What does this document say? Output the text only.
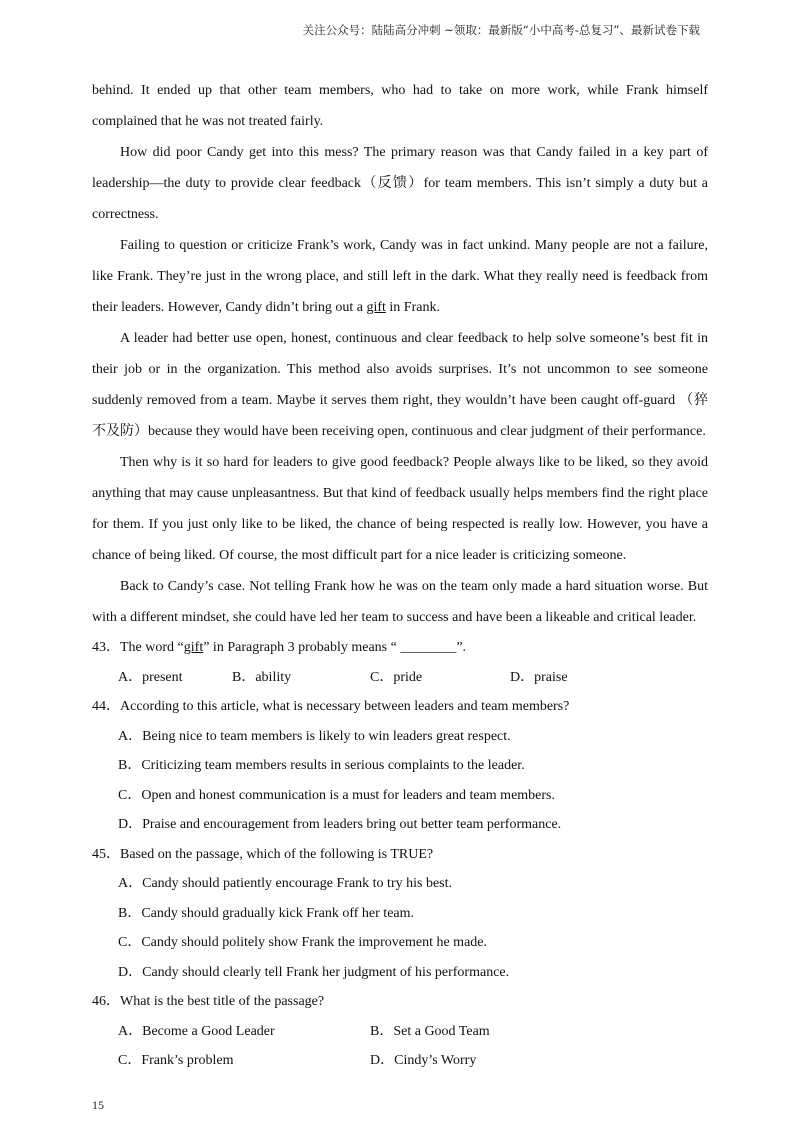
关注公众号：陆陆高分冲刺 ~领取：最新版“小中高考-总复习”、最新试卷下载

behind. It ended up that other team members, who had to take on more work, while Frank himself complained that he was not treated fairly.

How did poor Candy get into this mess? The primary reason was that Candy failed in a key part of leadership—the duty to provide clear feedback（反馈）for team members. This isn’t simply a duty but a correctness.

Failing to question or criticize Frank’s work, Candy was in fact unkind. Many people are not a failure, like Frank. They’re just in the wrong place, and still left in the dark. What they really need is feedback from their leaders. However, Candy didn’t bring out a gift in Frank.

A leader had better use open, honest, continuous and clear feedback to help solve someone’s best fit in their job or in the organization. This method also avoids surprises. It’s not uncommon to see someone suddenly removed from a team. Maybe it serves them right, they wouldn’t have been caught off-guard （猝不及防）because they would have been receiving open, continuous and clear judgment of their performance.

Then why is it so hard for leaders to give good feedback? People always like to be liked, so they avoid anything that may cause unpleasantness. But that kind of feedback usually helps members find the right place for them. If you just only like to be liked, the chance of being respected is really low. However, you have a chance of being liked. Of course, the most difficult part for a nice leader is criticizing someone.

Back to Candy’s case. Not telling Frank how he was on the team only made a hard situation worse. But with a different mindset, she could have led her team to success and have been a likeable and critical leader.

43．The word “gift” in Paragraph 3 probably means “ ________”.

A．present	B．ability	C．pride	D．praise

44．According to this article, what is necessary between leaders and team members?

A．Being nice to team members is likely to win leaders great respect.

B．Criticizing team members results in serious complaints to the leader.

C．Open and honest communication is a must for leaders and team members.

D．Praise and encouragement from leaders bring out better team performance.

45．Based on the passage, which of the following is TRUE?

A．Candy should patiently encourage Frank to try his best.

B．Candy should gradually kick Frank off her team.

C．Candy should politely show Frank the improvement he made.

D．Candy should clearly tell Frank her judgment of his performance.

46．What is the best title of the passage?

A．Become a Good Leader	B．Set a Good Team
C．Frank’s problem	D．Cindy’s Worry
15
